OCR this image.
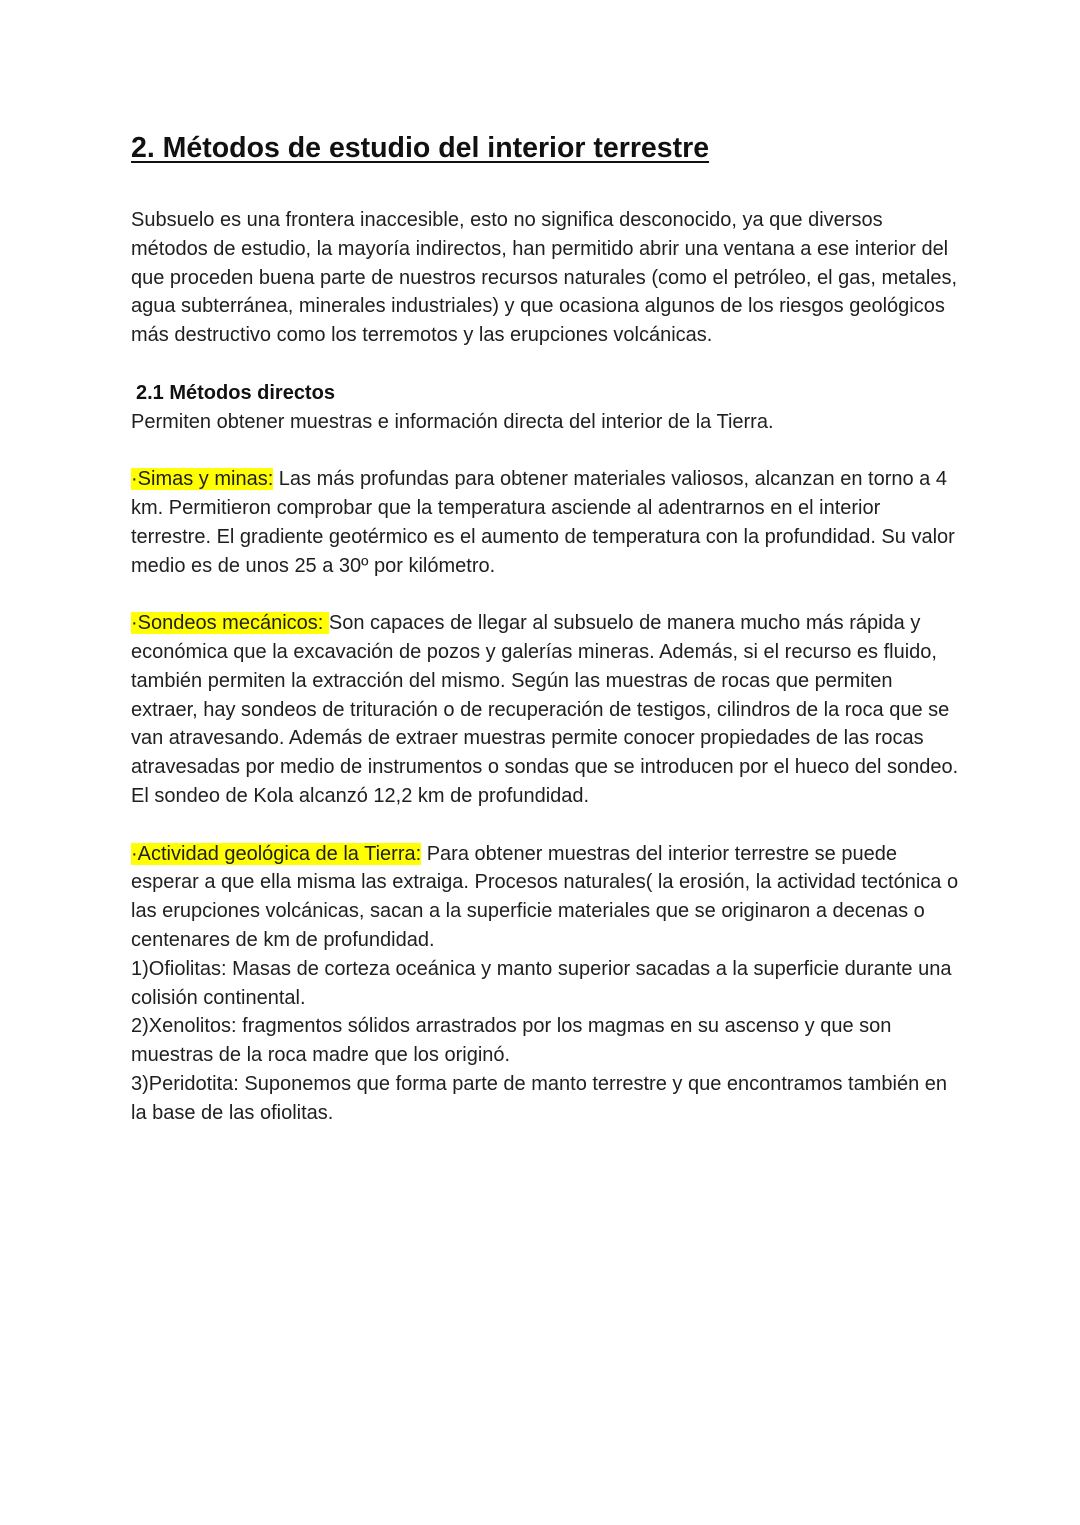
2. Métodos de estudio del interior terrestre

Subsuelo es una frontera inaccesible, esto no significa desconocido, ya que diversos métodos de estudio, la mayoría indirectos, han permitido abrir una ventana a ese interior del que proceden buena parte de nuestros recursos naturales (como el petróleo, el gas, metales, agua subterránea, minerales industriales) y que ocasiona algunos de los riesgos geológicos más destructivo como los terremotos y las erupciones volcánicas.

2.1 Métodos directos

Permiten obtener muestras e información directa del interior de la Tierra.

·Simas y minas: Las más profundas para obtener materiales valiosos, alcanzan en torno a 4 km. Permitieron comprobar que la temperatura asciende al adentrarnos en el interior terrestre. El gradiente geotérmico es el aumento de temperatura con la profundidad. Su valor medio es de unos 25 a 30º por kilómetro.

·Sondeos mecánicos: Son capaces de llegar al subsuelo de manera mucho más rápida y económica que la excavación de pozos y galerías mineras. Además, si el recurso es fluido, también permiten la extracción del mismo. Según las muestras de rocas que permiten extraer, hay sondeos de trituración o de recuperación de testigos, cilindros de la roca que se van atravesando. Además de extraer muestras permite conocer propiedades de las rocas atravesadas por medio de instrumentos o sondas que se introducen por el hueco del sondeo.

El sondeo de Kola alcanzó 12,2 km de profundidad.

·Actividad geológica de la Tierra: Para obtener muestras del interior terrestre se puede esperar a que ella misma las extraiga. Procesos naturales( la erosión, la actividad tectónica o las erupciones volcánicas, sacan a la superficie materiales que se originaron a decenas o centenares de km de profundidad.

1)Ofiolitas: Masas de corteza oceánica y manto superior sacadas a la superficie durante una colisión continental.

2)Xenolitos: fragmentos sólidos arrastrados por los magmas en su ascenso y que son muestras de la roca madre que los originó.

3)Peridotita: Suponemos que forma parte de manto terrestre y que encontramos también en la base de las ofiolitas.
